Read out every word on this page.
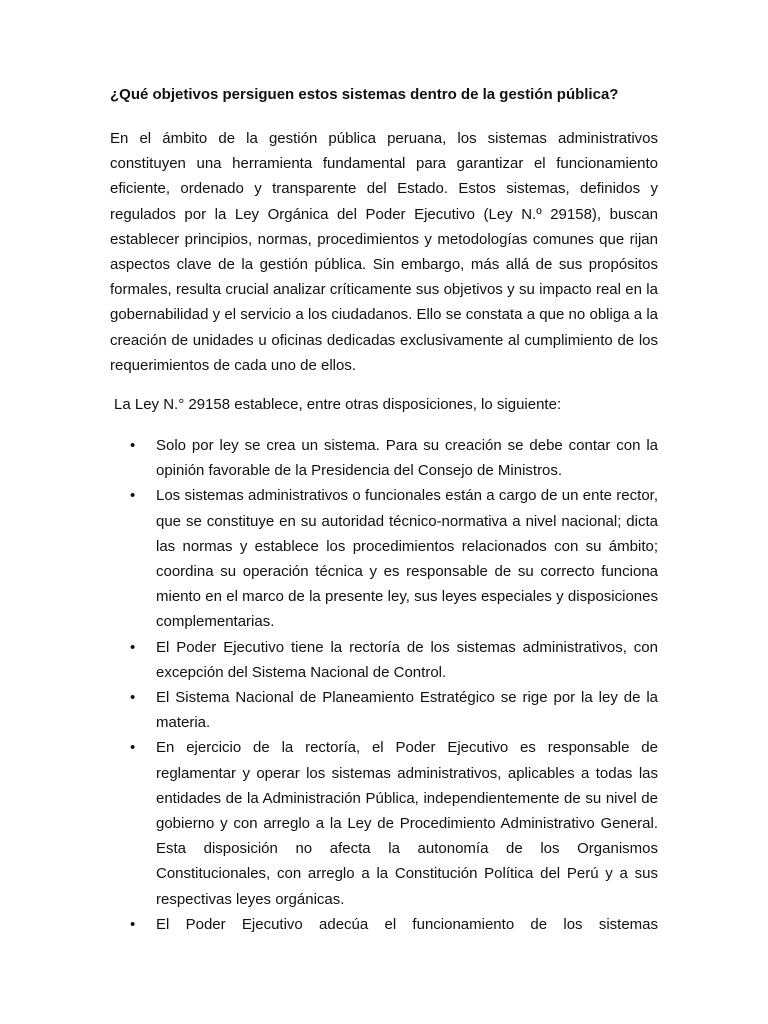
¿Qué objetivos persiguen estos sistemas dentro de la gestión pública?

En el ámbito de la gestión pública peruana, los sistemas administrativos constituyen una herramienta fundamental para garantizar el funcionamiento eficiente, ordenado y transparente del Estado. Estos sistemas, definidos y regulados por la Ley Orgánica del Poder Ejecutivo (Ley N.º 29158), buscan establecer principios, normas, procedimientos y metodologías comunes que rijan aspectos clave de la gestión pública. Sin embargo, más allá de sus propósitos formales, resulta crucial analizar críticamente sus objetivos y su impacto real en la gobernabilidad y el servicio a los ciudadanos. Ello se constata a que no obliga a la creación de unidades u oficinas dedicadas exclusivamente al cumplimiento de los requerimientos de cada uno de ellos.

La Ley N.° 29158 establece, entre otras disposiciones, lo siguiente:

• Solo por ley se crea un sistema. Para su creación se debe contar con la opinión favorable de la Presidencia del Consejo de Ministros.
• Los sistemas administrativos o funcionales están a cargo de un ente rector, que se constituye en su autoridad técnico-normativa a nivel nacional; dicta las normas y establece los procedimientos relacionados con su ámbito; coordina su operación técnica y es responsable de su correcto funciona miento en el marco de la presente ley, sus leyes especiales y disposiciones complementarias.
• El Poder Ejecutivo tiene la rectoría de los sistemas administrativos, con excepción del Sistema Nacional de Control.
• El Sistema Nacional de Planeamiento Estratégico se rige por la ley de la materia.
• En ejercicio de la rectoría, el Poder Ejecutivo es responsable de reglamentar y operar los sistemas administrativos, aplicables a todas las entidades de la Administración Pública, independientemente de su nivel de gobierno y con arreglo a la Ley de Procedimiento Administrativo General. Esta disposición no afecta la autonomía de los Organismos Constitucionales, con arreglo a la Constitución Política del Perú y a sus respectivas leyes orgánicas.
• El Poder Ejecutivo adecúa el funcionamiento de los sistemas
